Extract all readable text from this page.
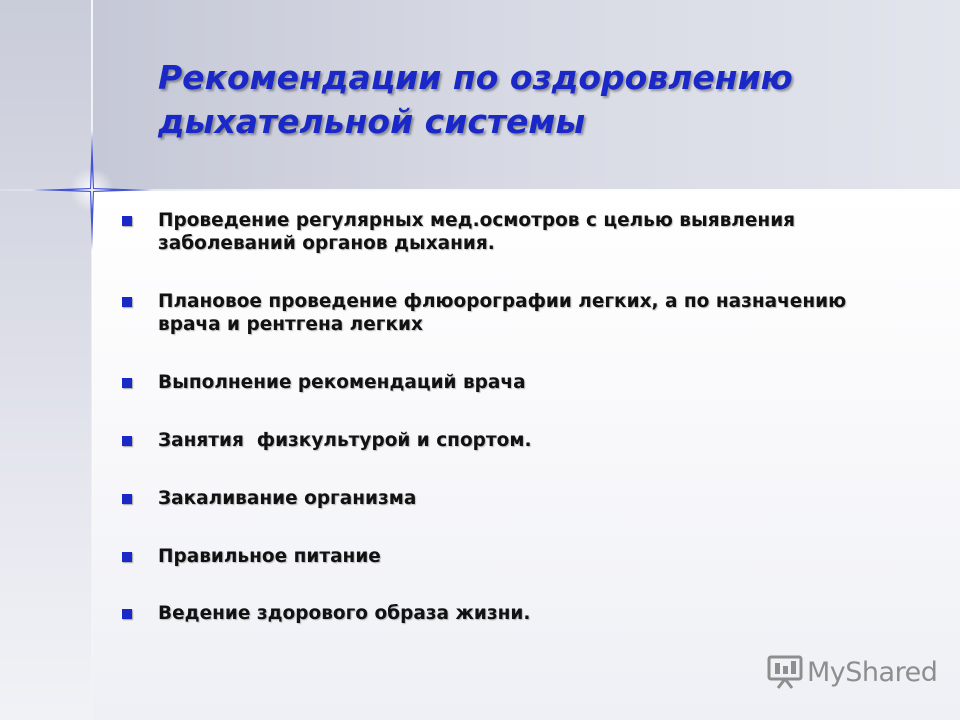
Рекомендации по оздоровлению дыхательной системы
Проведение регулярных мед.осмотров с целью выявления заболеваний органов дыхания.
Плановое проведение флюорографии легких, а по назначению врача и рентгена легких
Выполнение рекомендаций врача
Занятия  физкультурой и спортом.
Закаливание организма
Правильное питание
Ведение здорового образа жизни.
MyShared
